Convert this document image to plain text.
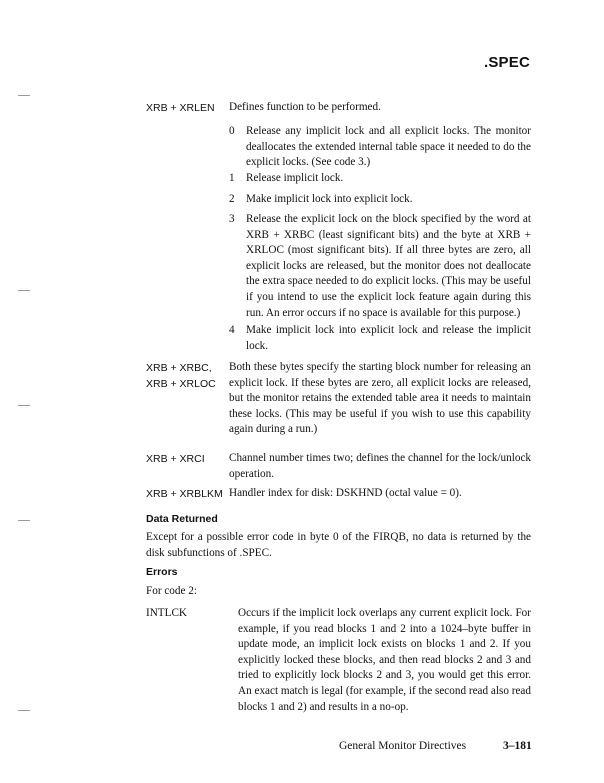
.SPEC
XRB + XRLEN Defines function to be performed.
0	Release any implicit lock and all explicit locks. The monitor deallocates the extended internal table space it needed to do the explicit locks. (See code 3.)
1	Release implicit lock.
2	Make implicit lock into explicit lock.
3	Release the explicit lock on the block specified by the word at XRB + XRBC (least significant bits) and the byte at XRB + XRLOC (most significant bits). If all three bytes are zero, all explicit locks are released, but the monitor does not deallocate the extra space needed to do explicit locks. (This may be useful if you intend to use the explicit lock feature again during this run. An error occurs if no space is available for this purpose.)
4	Make implicit lock into explicit lock and release the implicit lock.
XRB + XRBC,
XRB + XRLOC
Both these bytes specify the starting block number for releasing an explicit lock. If these bytes are zero, all explicit locks are released, but the monitor retains the extended table area it needs to maintain these locks. (This may be useful if you wish to use this capability again during a run.)
XRB + XRCI Channel number times two; defines the channel for the lock/unlock operation.
XRB + XRBLKM Handler index for disk: DSKHND (octal value = 0).
Data Returned
Except for a possible error code in byte 0 of the FIRQB, no data is returned by the disk subfunctions of .SPEC.
Errors
For code 2:
INTLCK	Occurs if the implicit lock overlaps any current explicit lock. For example, if you read blocks 1 and 2 into a 1024–byte buffer in update mode, an implicit lock exists on blocks 1 and 2. If you explicitly locked these blocks, and then read blocks 2 and 3 and tried to explicitly lock blocks 2 and 3, you would get this error. An exact match is legal (for example, if the second read also read blocks 1 and 2) and results in a no-op.
General Monitor Directives	3–181
